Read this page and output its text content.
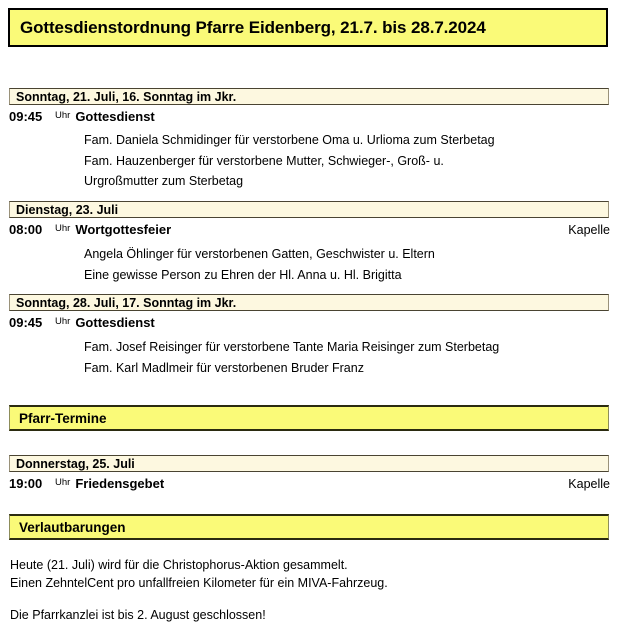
Gottesdienstordnung Pfarre Eidenberg, 21.7. bis 28.7.2024
Sonntag, 21. Juli, 16. Sonntag im Jkr.
09:45	Uhr Gottesdienst
Fam. Daniela Schmidinger für verstorbene Oma u. Urlioma zum Sterbetag
Fam. Hauzenberger für verstorbene Mutter, Schwieger-, Groß- u.
Urgroßmutter zum Sterbetag
Dienstag, 23. Juli
08:00	Uhr Wortgottesfeier	Kapelle
Angela Öhlinger für verstorbenen Gatten, Geschwister u. Eltern
Eine gewisse Person zu Ehren der Hl. Anna u. Hl. Brigitta
Sonntag, 28. Juli, 17. Sonntag im Jkr.
09:45	Uhr Gottesdienst
Fam. Josef Reisinger für verstorbene Tante Maria Reisinger zum Sterbetag
Fam. Karl Madlmeir für verstorbenen Bruder Franz
Pfarr-Termine
Donnerstag, 25. Juli
19:00	Uhr Friedensgebet	Kapelle
Verlautbarungen
Heute (21. Juli) wird für die Christophorus-Aktion gesammelt.
Einen ZehntelCent pro unfallfreien Kilometer für ein MIVA-Fahrzeug.
Die Pfarrkanzlei ist bis 2. August geschlossen!
